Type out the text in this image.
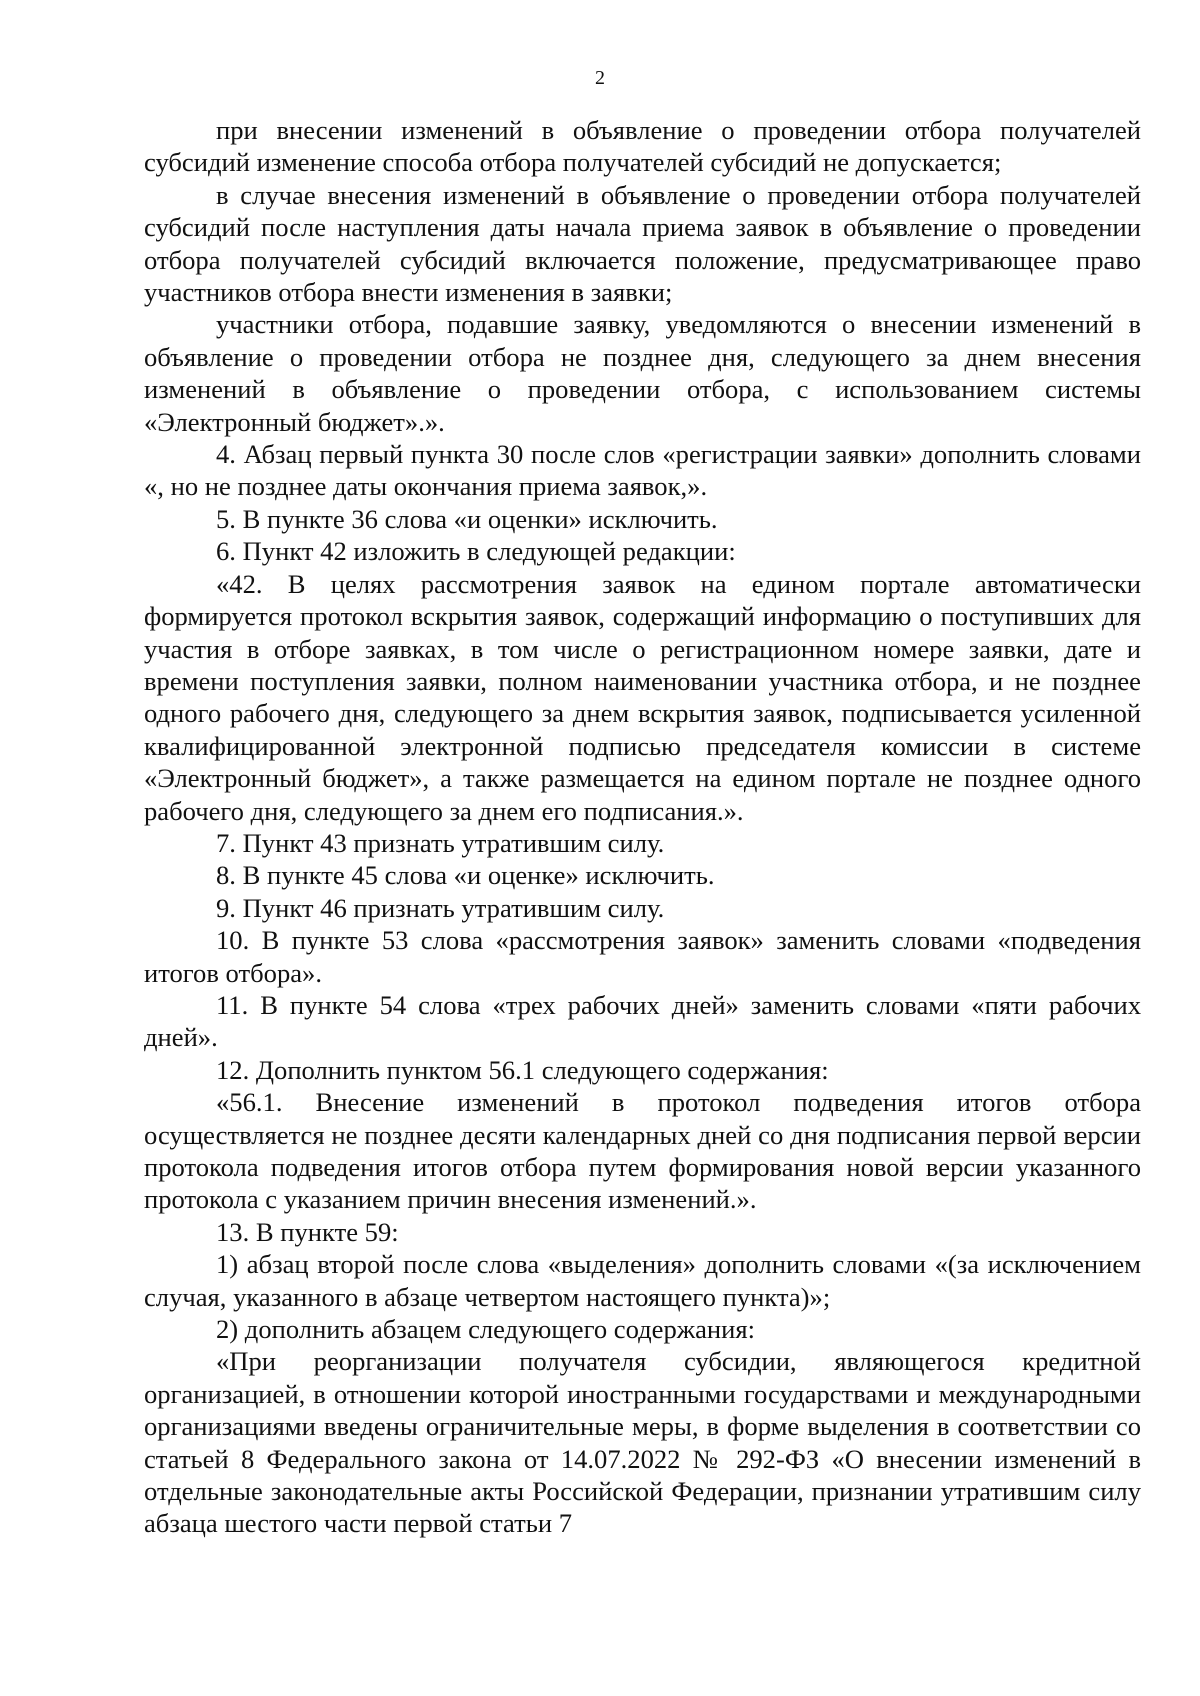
2

при внесении изменений в объявление о проведении отбора получателей субсидий изменение способа отбора получателей субсидий не допускается;

в случае внесения изменений в объявление о проведении отбора получателей субсидий после наступления даты начала приема заявок в объявление о проведении отбора получателей субсидий включается положение, предусматривающее право участников отбора внести изменения в заявки;

участники отбора, подавшие заявку, уведомляются о внесении изменений в объявление о проведении отбора не позднее дня, следующего за днем внесения изменений в объявление о проведении отбора, с использованием системы «Электронный бюджет».».

4. Абзац первый пункта 30 после слов «регистрации заявки» дополнить словами «, но не позднее даты окончания приема заявок,».

5. В пункте 36 слова «и оценки» исключить.

6. Пункт 42 изложить в следующей редакции:

«42. В целях рассмотрения заявок на едином портале автоматически формируется протокол вскрытия заявок, содержащий информацию о поступивших для участия в отборе заявках, в том числе о регистрационном номере заявки, дате и времени поступления заявки, полном наименовании участника отбора, и не позднее одного рабочего дня, следующего за днем вскрытия заявок, подписывается усиленной квалифицированной электронной подписью председателя комиссии в системе «Электронный бюджет», а также размещается на едином портале не позднее одного рабочего дня, следующего за днем его подписания.».

7. Пункт 43 признать утратившим силу.

8. В пункте 45 слова «и оценке» исключить.

9. Пункт 46 признать утратившим силу.

10. В пункте 53 слова «рассмотрения заявок» заменить словами «подведения итогов отбора».

11. В пункте 54 слова «трех рабочих дней» заменить словами «пяти рабочих дней».

12. Дополнить пунктом 56.1 следующего содержания:

«56.1. Внесение изменений в протокол подведения итогов отбора осуществляется не позднее десяти календарных дней со дня подписания первой версии протокола подведения итогов отбора путем формирования новой версии указанного протокола с указанием причин внесения изменений.».

13. В пункте 59:

1) абзац второй после слова «выделения» дополнить словами «(за исключением случая, указанного в абзаце четвертом настоящего пункта)»;

2) дополнить абзацем следующего содержания:

«При реорганизации получателя субсидии, являющегося кредитной организацией, в отношении которой иностранными государствами и международными организациями введены ограничительные меры, в форме выделения в соответствии со статьей 8 Федерального закона от 14.07.2022 № 292-ФЗ «О внесении изменений в отдельные законодательные акты Российской Федерации, признании утратившим силу абзаца шестого части первой статьи 7
